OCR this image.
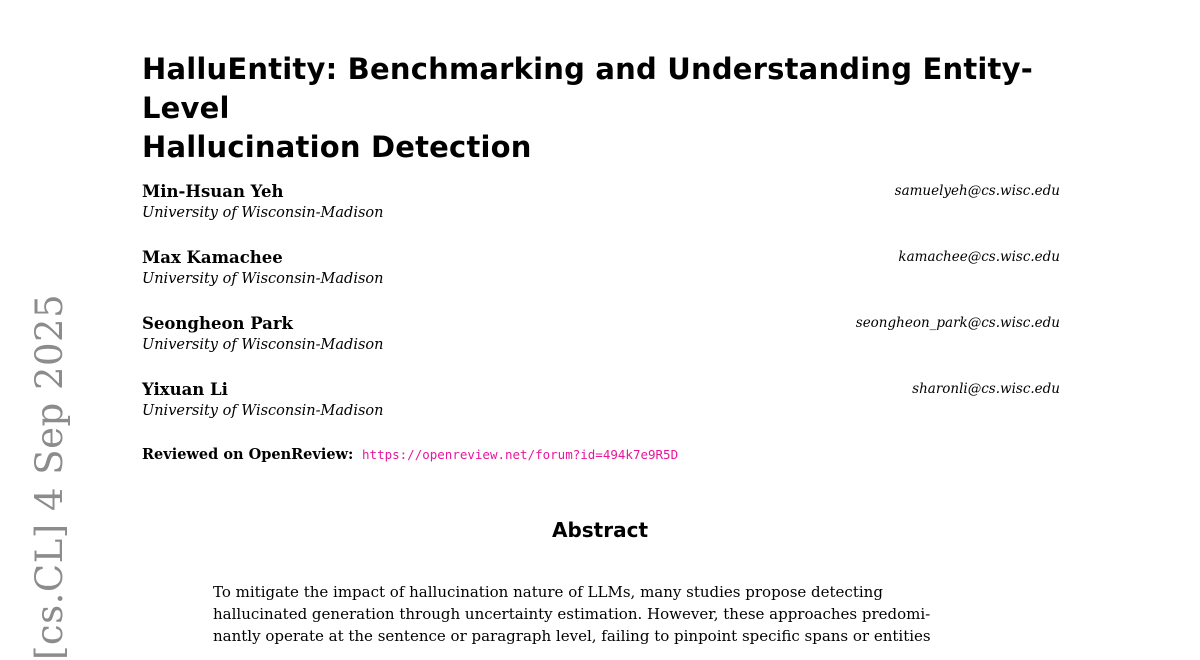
HalluEntity: Benchmarking and Understanding Entity-Level
Hallucination Detection
Min-Hsuan Yeh
University of Wisconsin-Madison
samuelyeh@cs.wisc.edu
Max Kamachee
University of Wisconsin-Madison
kamachee@cs.wisc.edu
Seongheon Park
University of Wisconsin-Madison
seongheon_park@cs.wisc.edu
Yixuan Li
University of Wisconsin-Madison
sharonli@cs.wisc.edu
Reviewed on OpenReview: https://openreview.net/forum?id=494k7e9R5D
Abstract
To mitigate the impact of hallucination nature of LLMs, many studies propose detecting
hallucinated generation through uncertainty estimation. However, these approaches predomi-
nantly operate at the sentence or paragraph level, failing to pinpoint specific spans or entities
[cs.CL] 4 Sep 2025
